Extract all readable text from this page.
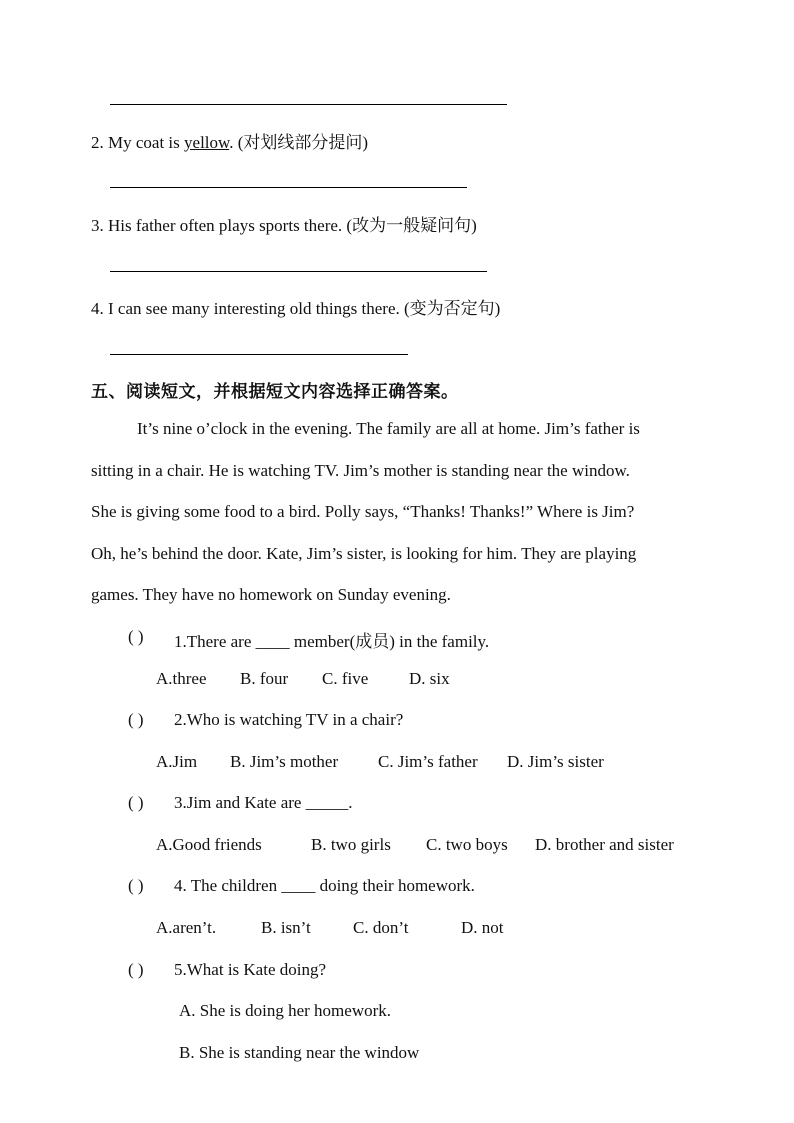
2. My coat is yellow. (对划线部分提问)
3. His father often plays sports there. (改为一般疑问句)
4. I can see many interesting old things there. (变为否定句)
五、阅读短文，并根据短文内容选择正确答案。
It’s nine o’clock in the evening. The family are all at home. Jim’s father is
sitting in a chair. He is watching TV. Jim’s mother is standing near the window.
She is giving some food to a bird. Polly says, “Thanks! Thanks!” Where is Jim?
Oh, he’s behind the door. Kate, Jim’s sister, is looking for him. They are playing
games. They have no homework on Sunday evening.
( ) 1.There are ____ member(成员) in the family.
A.three B. four C. five D. six
( ) 2.Who is watching TV in a chair?
A.Jim B. Jim’s mother C. Jim’s father D. Jim’s sister
( ) 3.Jim and Kate are _____.
A.Good friends	B. two girls C. two boys D. brother and sister
( ) 4. The children ____ doing their homework.
A.aren’t.	B. isn’t C. don’t	D. not
( ) 5.What is Kate doing?
A. She is doing her homework.
B. She is standing near the window
